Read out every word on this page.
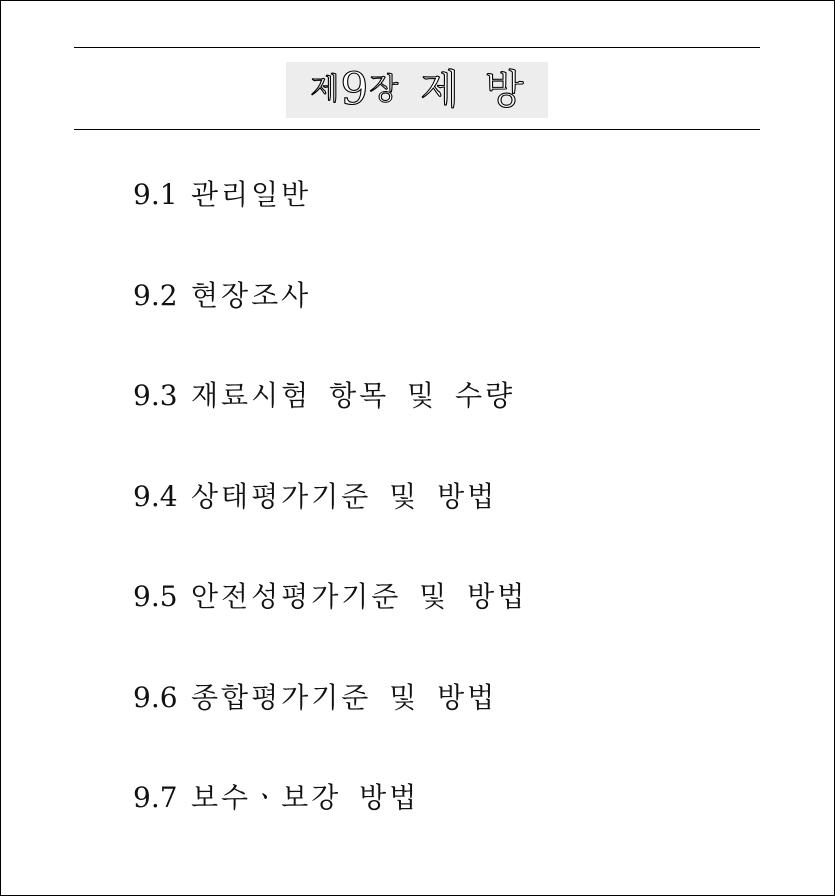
제 9 장 제 방
9.1 관리일반
9.2 현장조사
9.3 재료시험 항목 및 수량
9.4 상태평가기준 및 방법
9.5 안전성평가기준 및 방법
9.6 종합평가기준 및 방법
9.7 보수ㆍ보강 방법
